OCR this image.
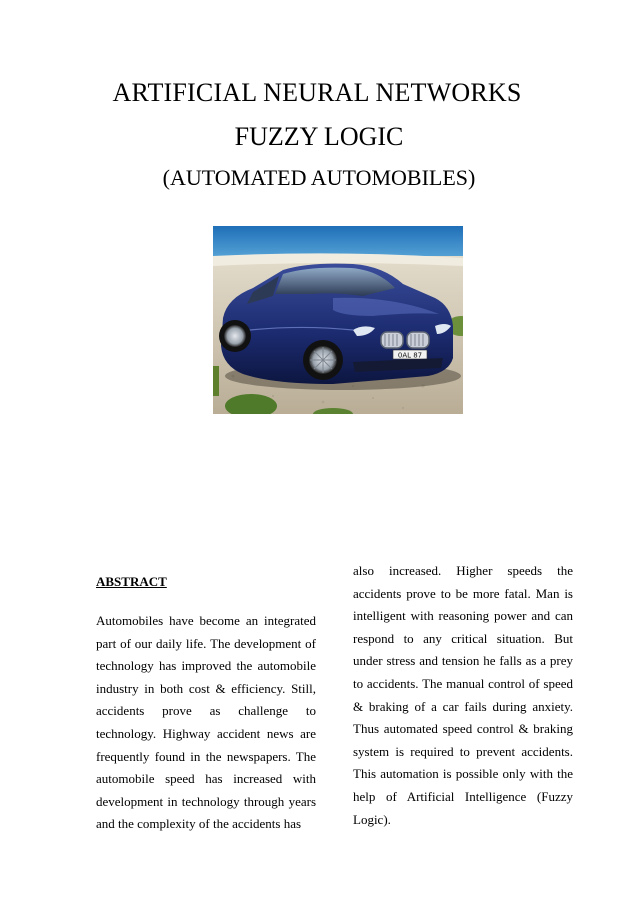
ARTIFICIAL NEURAL NETWORKS
FUZZY LOGIC
(AUTOMATED AUTOMOBILES)
0AL 87
ABSTRACT

Automobiles have become an integrated part of our daily life. The development of technology has improved the automobile industry in both cost & efficiency. Still, accidents prove as challenge to technology. Highway accident news are frequently found in the newspapers. The automobile speed has increased with development in technology through years and the complexity of the accidents has

also increased. Higher speeds the accidents prove to be more fatal. Man is intelligent with reasoning power and can respond to any critical situation. But under stress and tension he falls as a prey to accidents. The manual control of speed & braking of a car fails during anxiety. Thus automated speed control & braking system is required to prevent accidents. This automation is possible only with the help of Artificial Intelligence (Fuzzy Logic).
